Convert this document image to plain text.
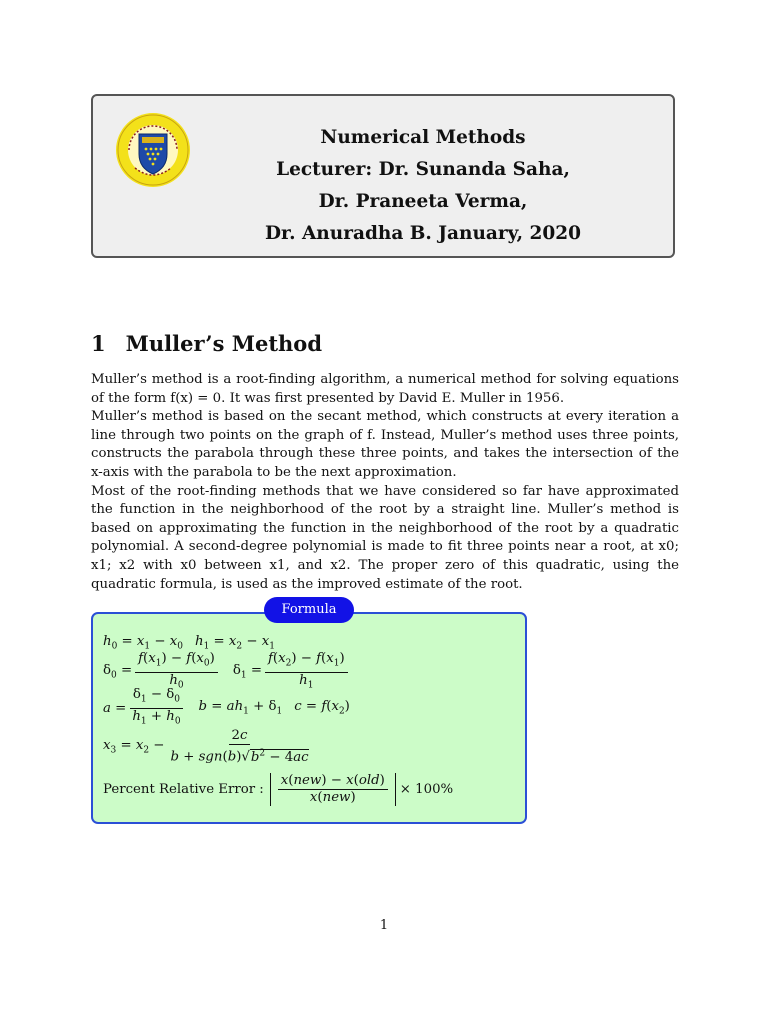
Numerical Methods
Lecturer: Dr. Sunanda Saha,
Dr. Praneeta Verma,
Dr. Anuradha B. January, 2020
1 Muller’s Method

Muller’s method is a root-finding algorithm, a numerical method for solving equations of the form f(x) = 0. It was first presented by David E. Muller in 1956.

Muller’s method is based on the secant method, which constructs at every iteration a line through two points on the graph of f. Instead, Muller’s method uses three points, constructs the parabola through these three points, and takes the intersection of the x-axis with the parabola to be the next approximation.

Most of the root-finding methods that we have considered so far have approximated the function in the neighborhood of the root by a straight line. Muller’s method is based on approximating the function in the neighborhood of the root by a quadratic polynomial. A second-degree polynomial is made to fit three points near a root, at x0; x1; x2 with x0 between x1, and x2. The proper zero of this quadratic, using the quadratic formula, is used as the improved estimate of the root.

Formula
$h_0 = x_1 - x_0$ $h_1 = x_2 - x_1$
$\delta_0 = \frac{f(x_1) - f(x_0)}{h_0} \delta_1 = \frac{f(x_2) - f(x_1)}{h_1}$
$a = \frac{\delta_1 - \delta_0}{h_1 + h_0}$ $b = ah_1 + \delta_1$ $c = f(x_2)$
$x_3 = x_2 - \frac{2c}{b + sgn(b)√b^2 - 4ac}$
Percent Relative Error : $\frac{\text{x(new) − x(old)}}{\text{x(new)}} \times 100\%$
1
